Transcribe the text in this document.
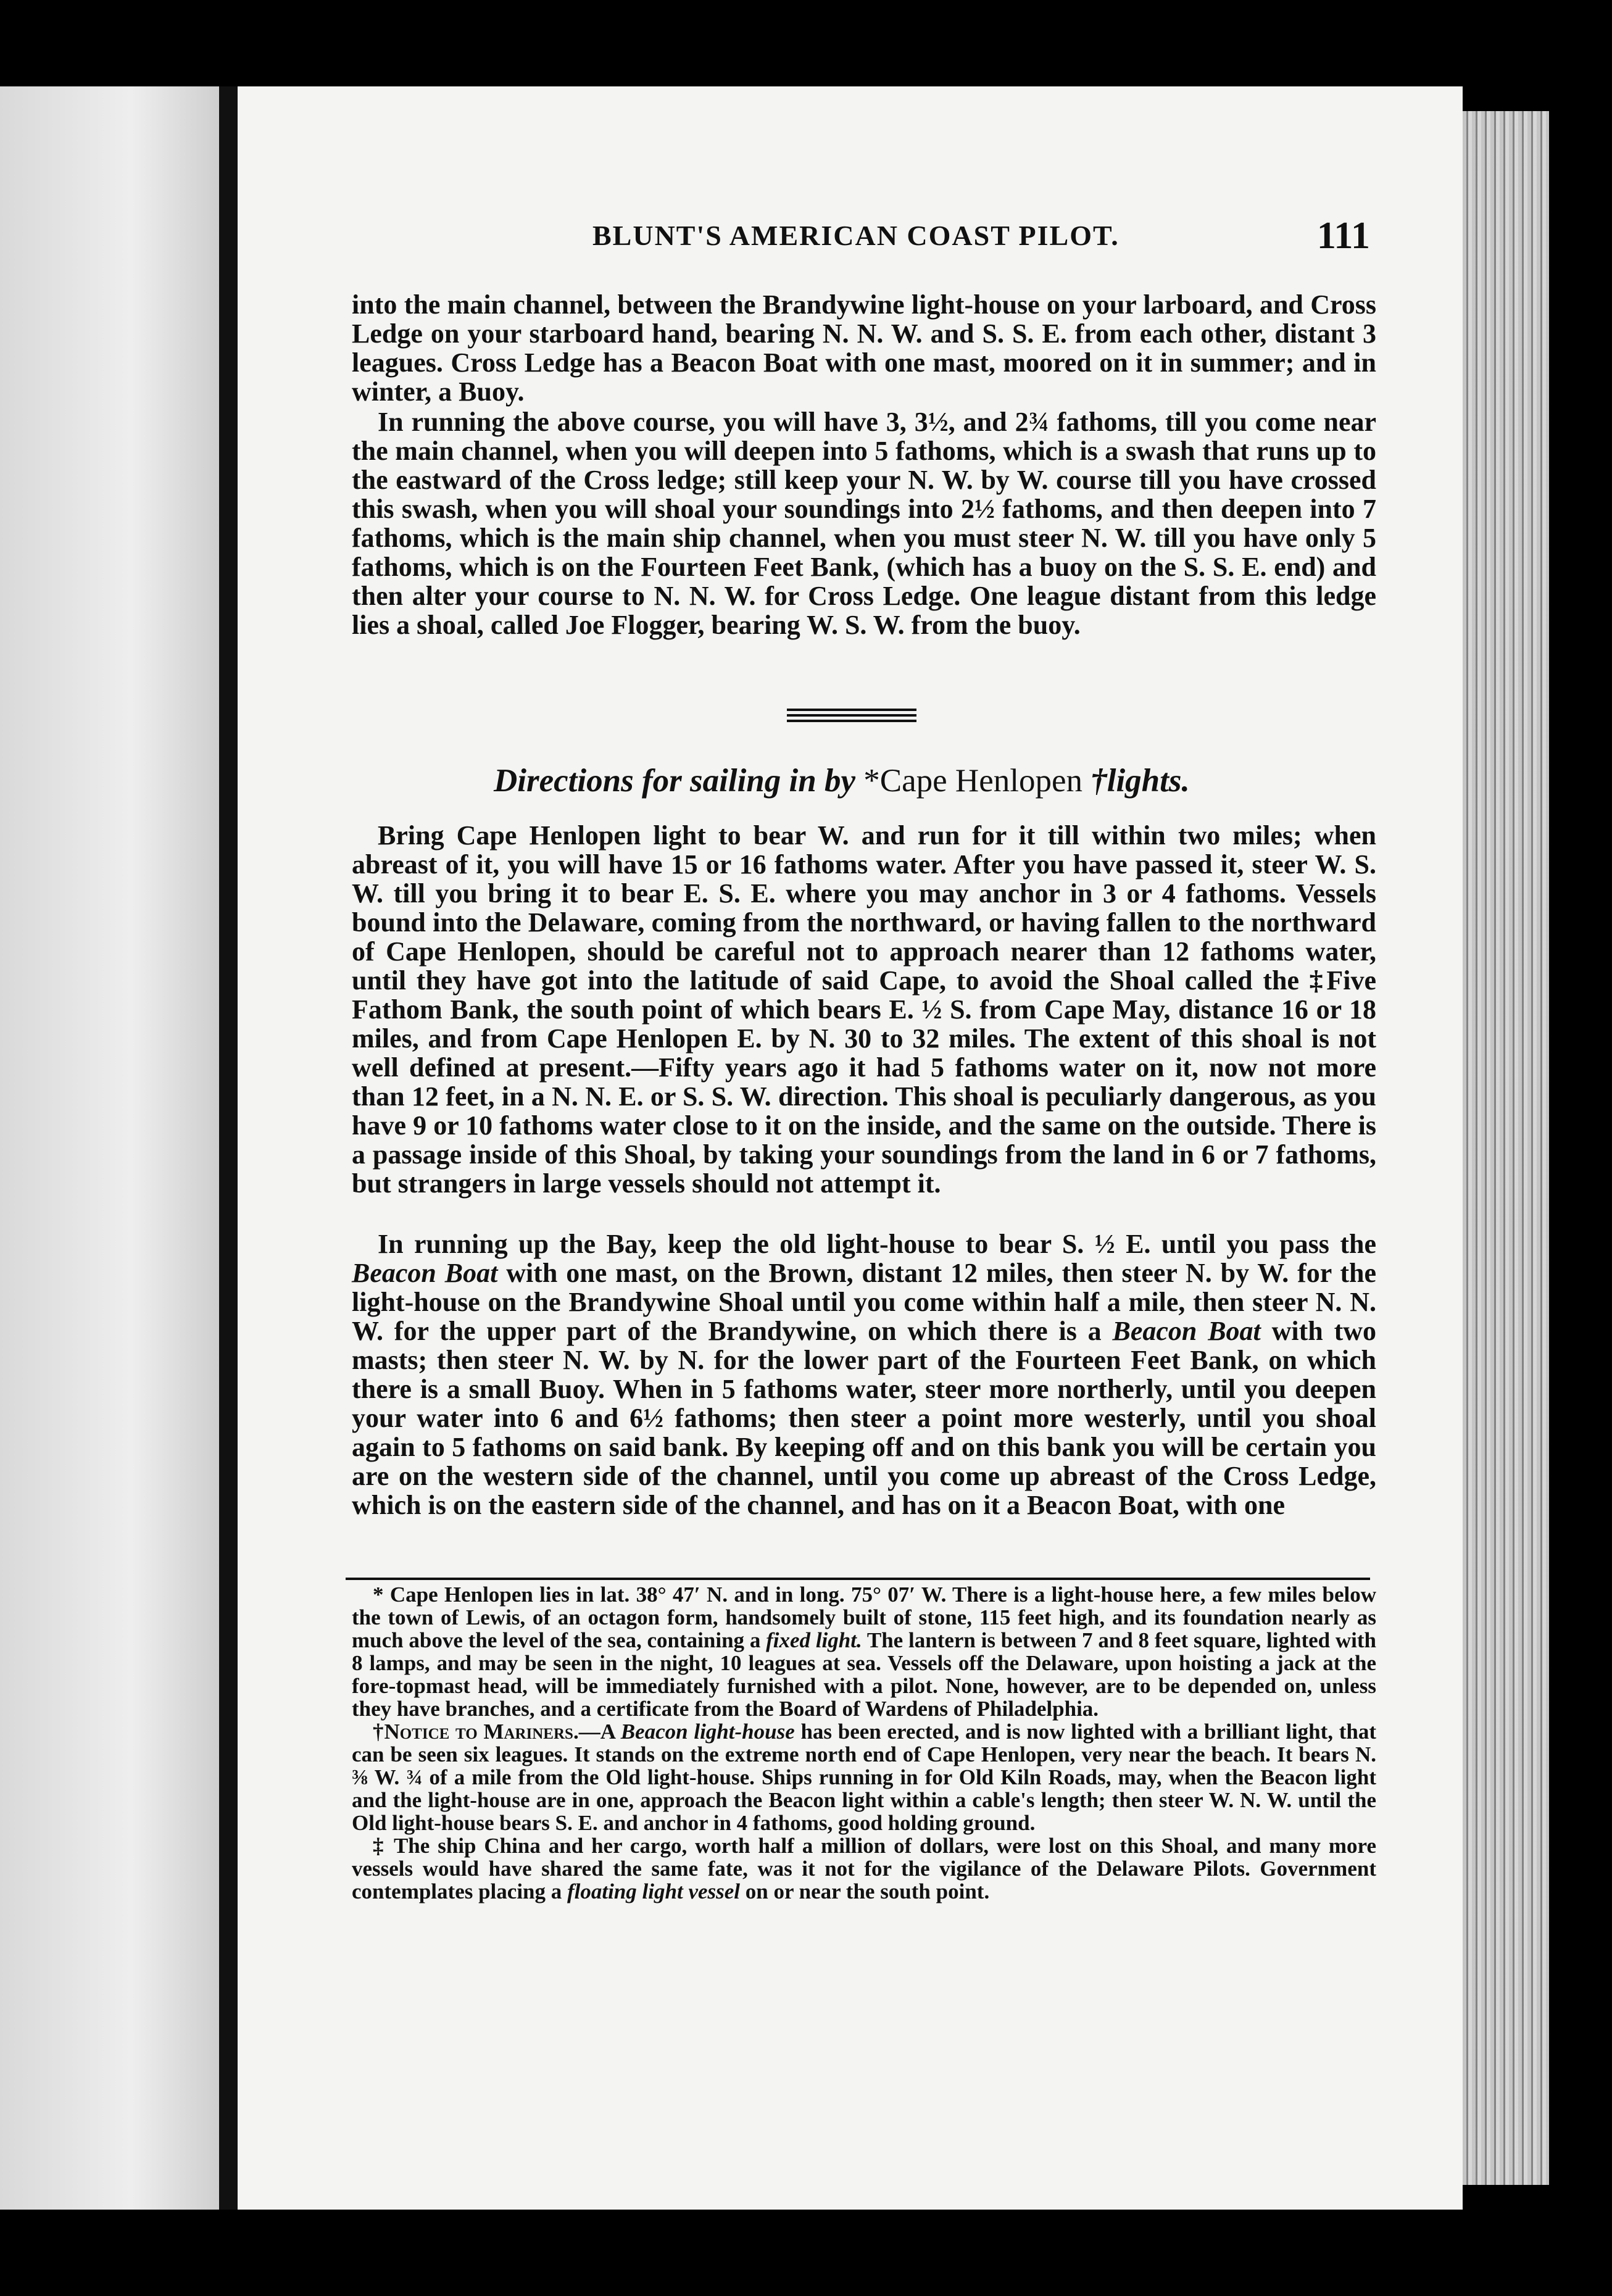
BLUNT'S AMERICAN COAST PILOT.	111

into the main channel, between the Brandywine light-house on your larboard, and Cross Ledge on your starboard hand, bearing N. N. W. and S. S. E. from each other, distant 3 leagues. Cross Ledge has a Beacon Boat with one mast, moored on it in summer; and in winter, a Buoy.

In running the above course, you will have 3, 3½, and 2¾ fathoms, till you come near the main channel, when you will deepen into 5 fathoms, which is a swash that runs up to the eastward of the Cross ledge; still keep your N. W. by W. course till you have crossed this swash, when you will shoal your soundings into 2½ fathoms, and then deepen into 7 fathoms, which is the main ship channel, when you must steer N. W. till you have only 5 fathoms, which is on the Fourteen Feet Bank, (which has a buoy on the S. S. E. end) and then alter your course to N. N. W. for Cross Ledge. One league distant from this ledge lies a shoal, called Joe Flogger, bearing W. S. W. from the buoy.

Directions for sailing in by *Cape Henlopen †lights.

Bring Cape Henlopen light to bear W. and run for it till within two miles; when abreast of it, you will have 15 or 16 fathoms water. After you have passed it, steer W. S. W. till you bring it to bear E. S. E. where you may anchor in 3 or 4 fathoms. Vessels bound into the Delaware, coming from the northward, or having fallen to the northward of Cape Henlopen, should be careful not to approach nearer than 12 fathoms water, until they have got into the latitude of said Cape, to avoid the Shoal called the ‡Five Fathom Bank, the south point of which bears E. ½ S. from Cape May, distance 16 or 18 miles, and from Cape Henlopen E. by N. 30 to 32 miles. The extent of this shoal is not well defined at present.—Fifty years ago it had 5 fathoms water on it, now not more than 12 feet, in a N. N. E. or S. S. W. direction. This shoal is peculiarly dangerous, as you have 9 or 10 fathoms water close to it on the inside, and the same on the outside. There is a passage inside of this Shoal, by taking your soundings from the land in 6 or 7 fathoms, but strangers in large vessels should not attempt it.

In running up the Bay, keep the old light-house to bear S. ½ E. until you pass the Beacon Boat with one mast, on the Brown, distant 12 miles, then steer N. by W. for the light-house on the Brandywine Shoal until you come within half a mile, then steer N. N. W. for the upper part of the Brandywine, on which there is a Beacon Boat with two masts; then steer N. W. by N. for the lower part of the Fourteen Feet Bank, on which there is a small Buoy. When in 5 fathoms water, steer more northerly, until you deepen your water into 6 and 6½ fathoms; then steer a point more westerly, until you shoal again to 5 fathoms on said bank. By keeping off and on this bank you will be certain you are on the western side of the channel, until you come up abreast of the Cross Ledge, which is on the eastern side of the channel, and has on it a Beacon Boat, with one

* Cape Henlopen lies in lat. 38° 47′ N. and in long. 75° 07′ W. There is a light-house here, a few miles below the town of Lewis, of an octagon form, handsomely built of stone, 115 feet high, and its foundation nearly as much above the level of the sea, containing a fixed light. The lantern is between 7 and 8 feet square, lighted with 8 lamps, and may be seen in the night, 10 leagues at sea. Vessels off the Delaware, upon hoisting a jack at the fore-topmast head, will be immediately furnished with a pilot. None, however, are to be depended on, unless they have branches, and a certificate from the Board of Wardens of Philadelphia.

†Notice to Mariners.—A Beacon light-house has been erected, and is now lighted with a brilliant light, that can be seen six leagues. It stands on the extreme north end of Cape Henlopen, very near the beach. It bears N. ⅜ W. ¾ of a mile from the Old light-house. Ships running in for Old Kiln Roads, may, when the Beacon light and the light-house are in one, approach the Beacon light within a cable's length; then steer W. N. W. until the Old light-house bears S. E. and anchor in 4 fathoms, good holding ground.

‡ The ship China and her cargo, worth half a million of dollars, were lost on this Shoal, and many more vessels would have shared the same fate, was it not for the vigilance of the Delaware Pilots. Government contemplates placing a floating light vessel on or near the south point.
